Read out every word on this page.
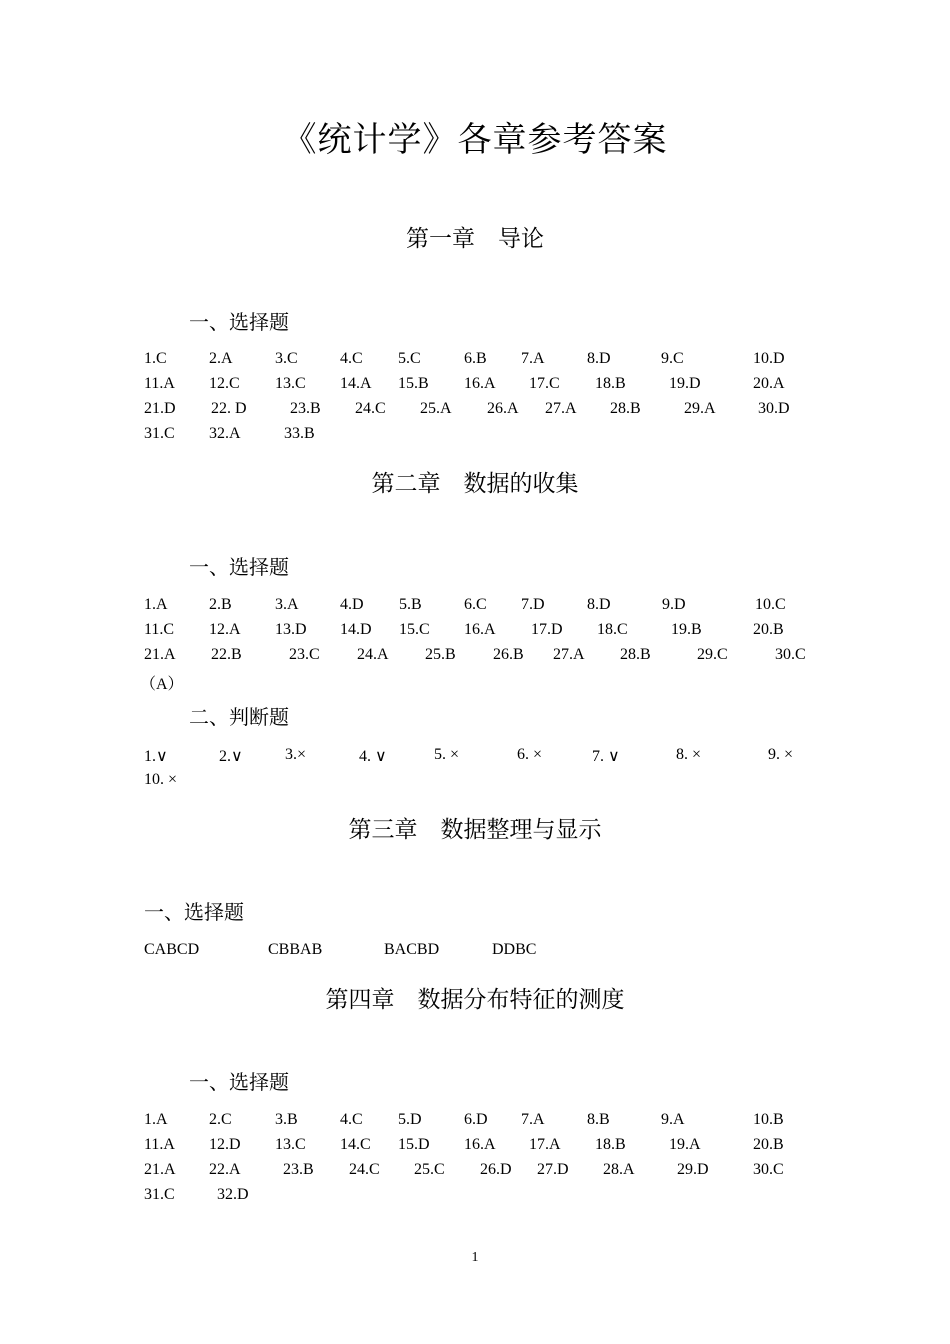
《统计学》各章参考答案
第一章　导论
一、选择题
1.C	2.A	3.C	4.C 5.C	6.B 7.A	8.D	9.C	10.D
11.A 12.C 13.C 14.A 15.B 16.A 17.C 18.B	19.D	20.A
21.D 22. D	23.B 24.C 25.A 26.A 27.A 28.B	29.A	30.D
31.C 32.A	33.B
第二章　数据的收集
一、选择题
1.A	2.B	3.A	4.D 5.B	6.C 7.D	8.D	9.D	10.C
11.C 12.A 13.D 14.D 15.C 16.A 17.D 18.C	19.B	20.B
21.A 22.B	23.C 24.A 25.B 26.B 27.A 28.B	29.C	30.C
（A）
二、判断题
1.∨	2.∨	3.×	4. ∨	5. ×	6. ×	7. ∨	8. ×	9. ×
10. ×
第三章　数据整理与显示
一、选择题
CABCD	CBBAB	BACBD	DDBC
第四章　数据分布特征的测度
一、选择题
1.A	2.C	3.B	4.C 5.D	6.D 7.A	8.B	9.A	10.B
11.A 12.D 13.C 14.C 15.D 16.A 17.A 18.B	19.A	20.B
21.A 22.A	23.B 24.C 25.C 26.D 27.D 28.A	29.D	30.C
31.C	32.D
1
